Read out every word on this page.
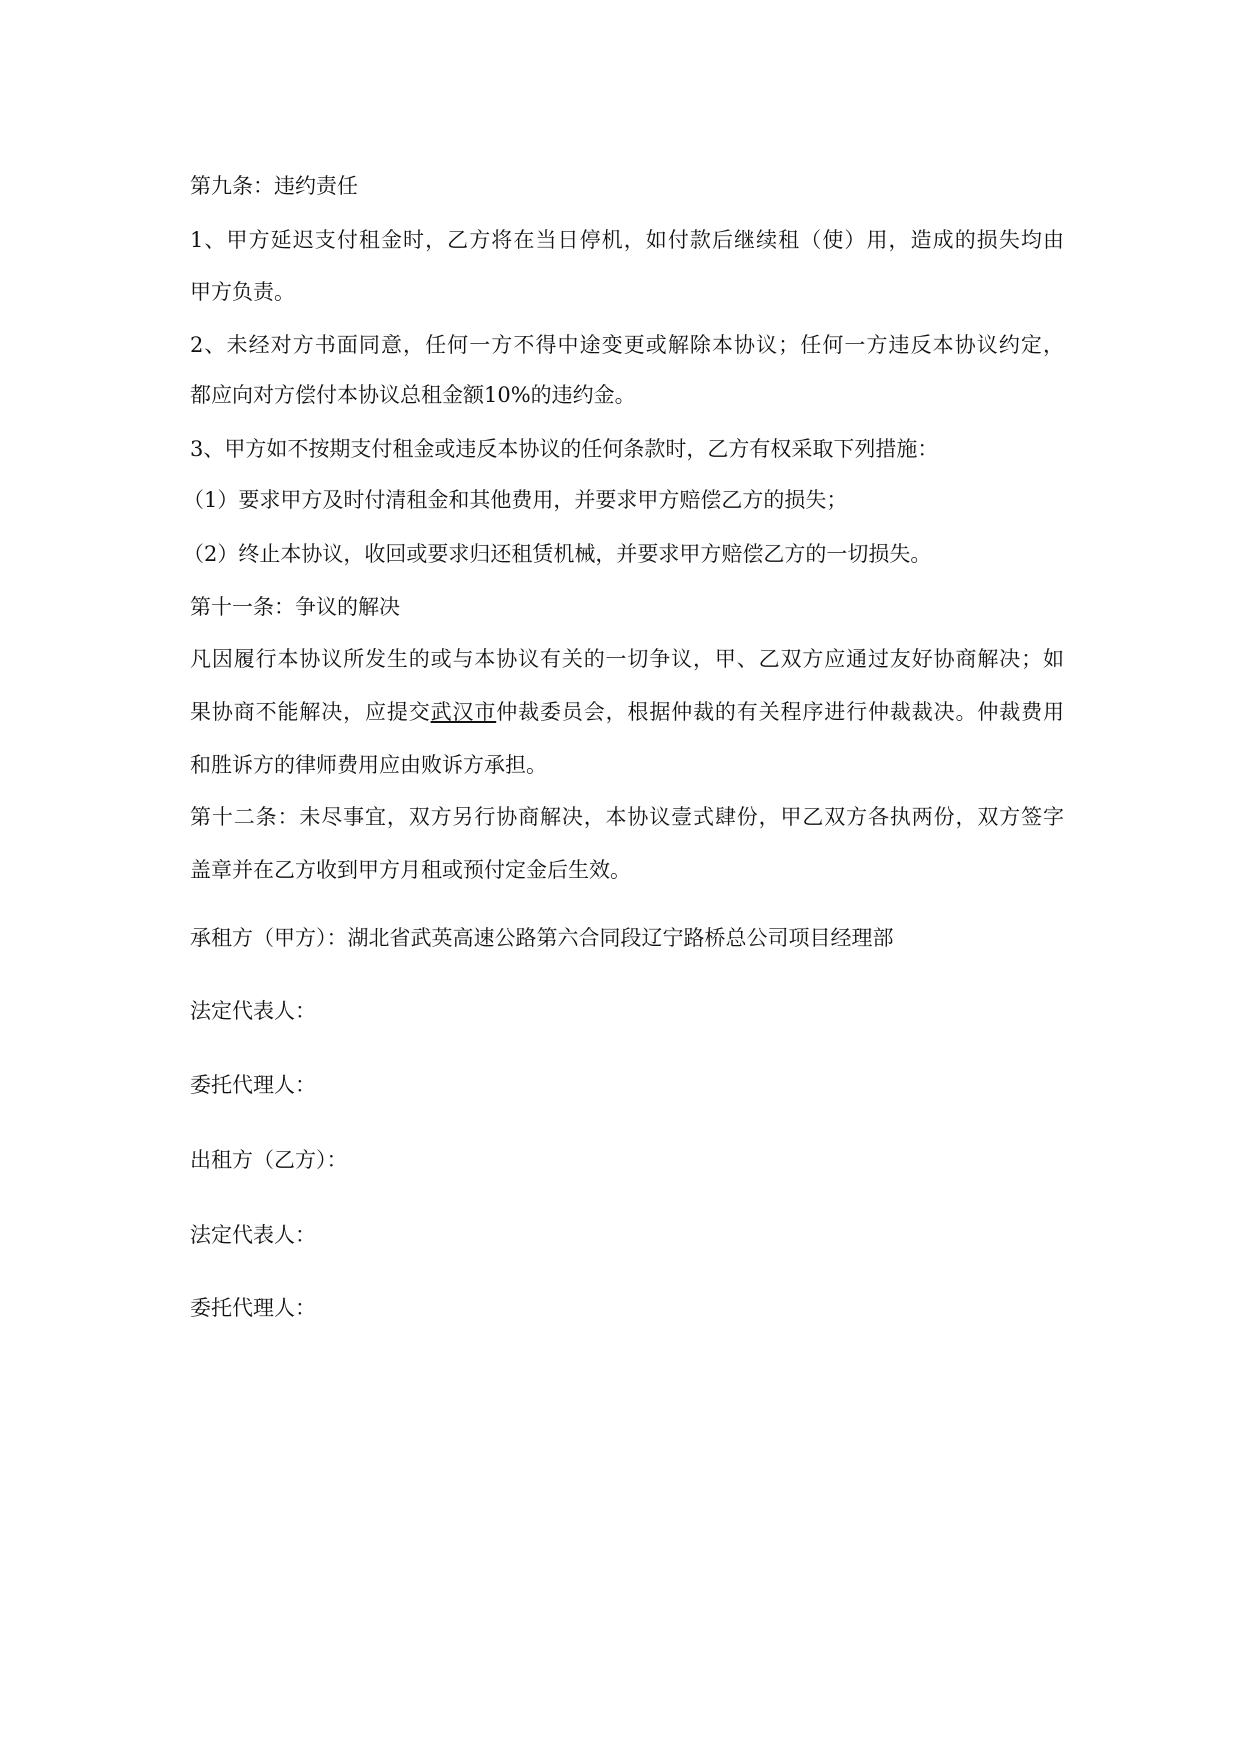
第九条：违约责任
1、甲方延迟支付租金时，乙方将在当日停机，如付款后继续租（使）用，造成的损失均由
甲方负责。
2、未经对方书面同意，任何一方不得中途变更或解除本协议；任何一方违反本协议约定，
都应向对方偿付本协议总租金额10%的违约金。
3、甲方如不按期支付租金或违反本协议的任何条款时，乙方有权采取下列措施：
（1）要求甲方及时付清租金和其他费用，并要求甲方赔偿乙方的损失；
（2）终止本协议，收回或要求归还租赁机械，并要求甲方赔偿乙方的一切损失。
第十一条：争议的解决
凡因履行本协议所发生的或与本协议有关的一切争议，甲、乙双方应通过友好协商解决；如
果协商不能解决，应提交武汉市仲裁委员会，根据仲裁的有关程序进行仲裁裁决。仲裁费用
和胜诉方的律师费用应由败诉方承担。
第十二条：未尽事宜，双方另行协商解决，本协议壹式肆份，甲乙双方各执两份，双方签字
盖章并在乙方收到甲方月租或预付定金后生效。
承租方（甲方）：湖北省武英高速公路第六合同段辽宁路桥总公司项目经理部
法定代表人：
委托代理人：
出租方（乙方）：
法定代表人：
委托代理人：
